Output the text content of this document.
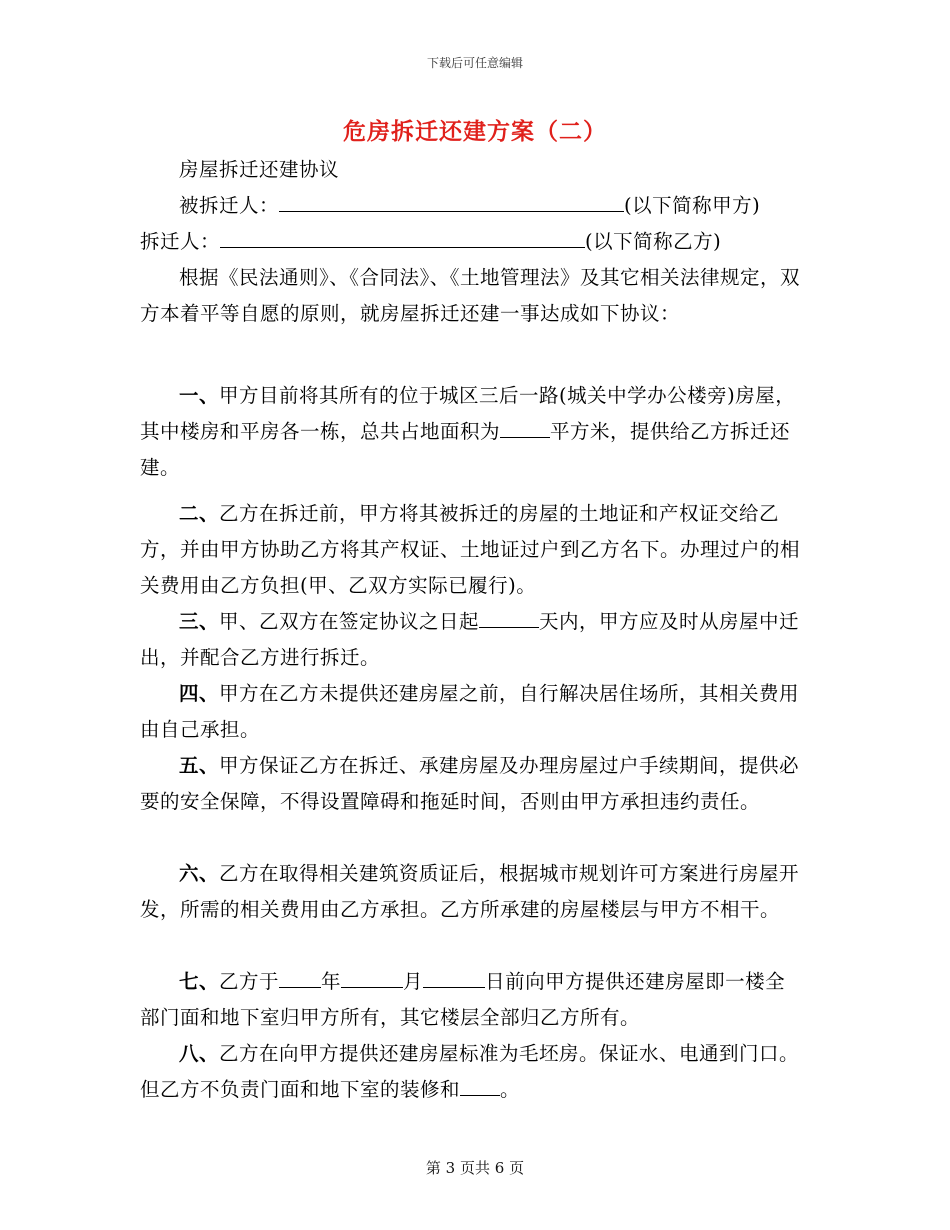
下载后可任意编辑
危房拆迁还建方案（二）

房屋拆迁还建协议

被拆迁人：	(以下简称甲方)

拆迁人：	(以下简称乙方)

根据《民法通则》、《合同法》、《土地管理法》及其它相关法律规定，双方本着平等自愿的原则，就房屋拆迁还建一事达成如下协议：

一、甲方目前将其所有的位于城区三后一路(城关中学办公楼旁)房屋，其中楼房和平房各一栋，总共占地面积为	平方米，提供给乙方拆迁还建。

二、乙方在拆迁前，甲方将其被拆迁的房屋的土地证和产权证交给乙方，并由甲方协助乙方将其产权证、土地证过户到乙方名下。办理过户的相关费用由乙方负担(甲、乙双方实际已履行)。

三、甲、乙双方在签定协议之日起	天内，甲方应及时从房屋中迁出，并配合乙方进行拆迁。

四、甲方在乙方未提供还建房屋之前，自行解决居住场所，其相关费用由自己承担。

五、甲方保证乙方在拆迁、承建房屋及办理房屋过户手续期间，提供必要的安全保障，不得设置障碍和拖延时间，否则由甲方承担违约责任。

六、乙方在取得相关建筑资质证后，根据城市规划许可方案进行房屋开发，所需的相关费用由乙方承担。乙方所承建的房屋楼层与甲方不相干。

七、乙方于 年	月	日前向甲方提供还建房屋即一楼全部门面和地下室归甲方所有，其它楼层全部归乙方所有。

八、乙方在向甲方提供还建房屋标准为毛坯房。保证水、电通到门口。但乙方不负责门面和地下室的装修和 。

第 3 页共 6 页
